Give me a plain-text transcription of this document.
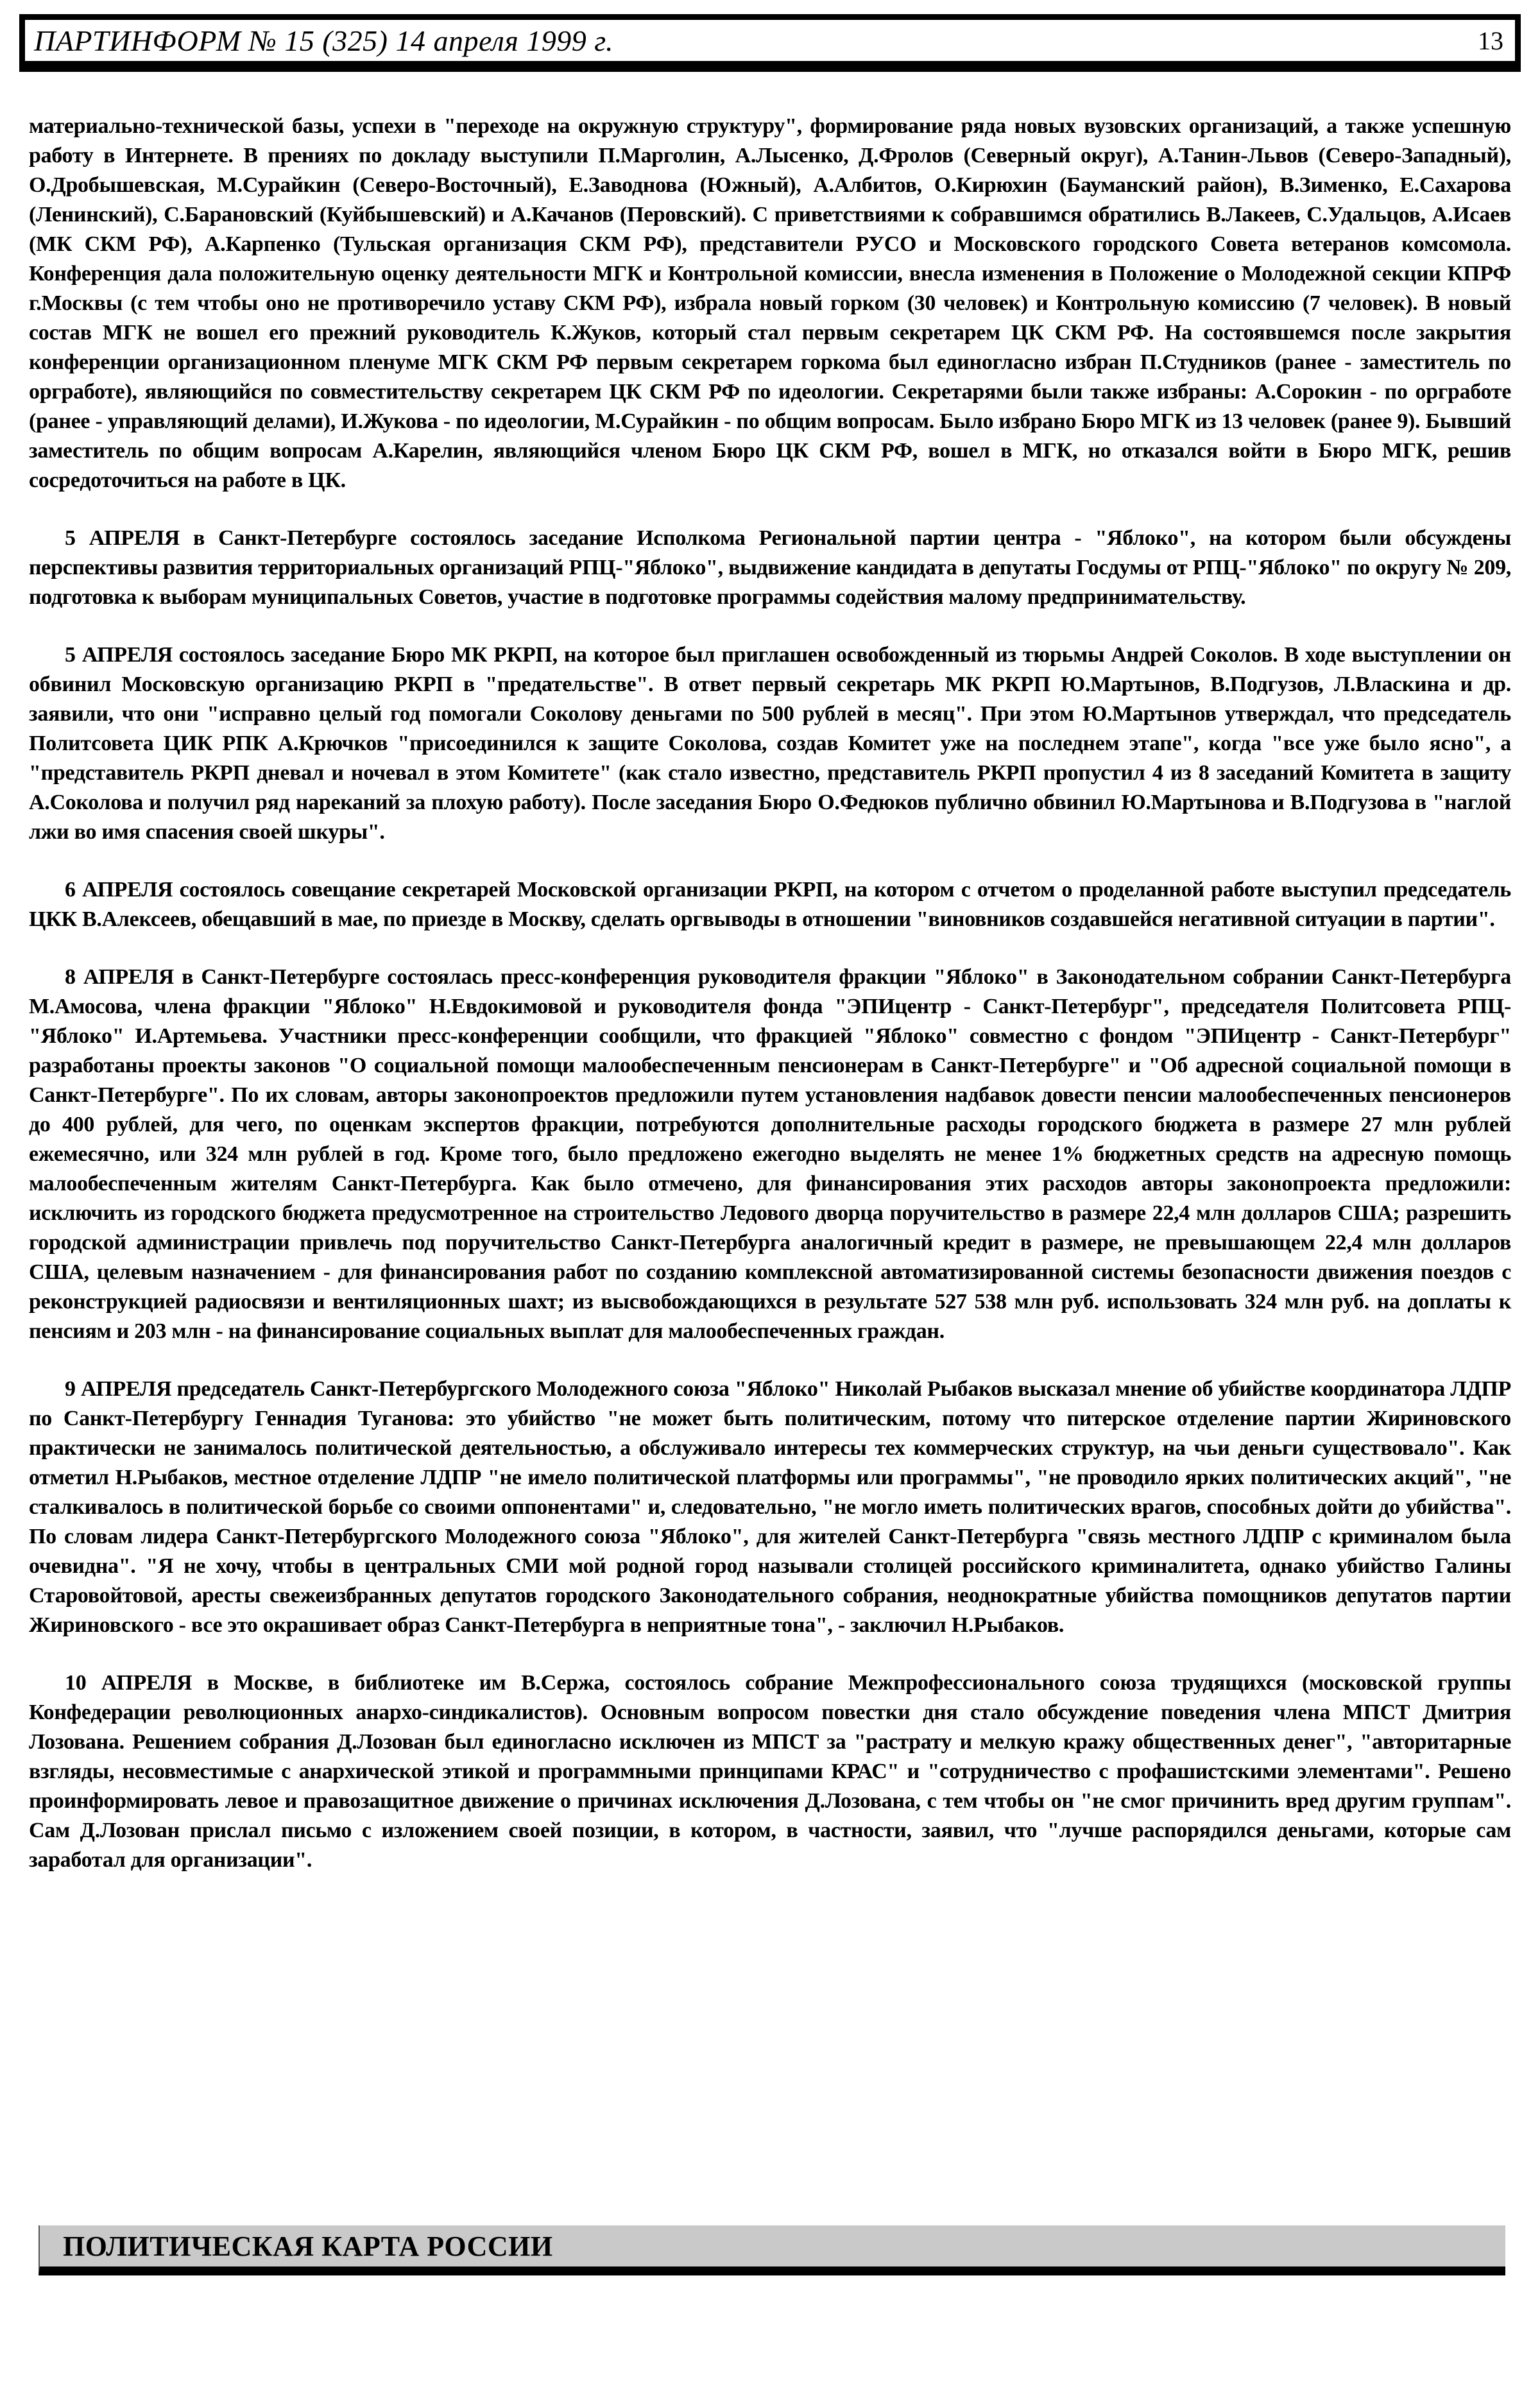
ПАРТИНФОРМ № 15 (325) 14 апреля 1999 г.	13

материально-технической базы, успехи в "переходе на окружную структуру", формирование ряда новых вузовских организаций, а также успешную работу в Интернете. В прениях по докладу выступили П.Марголин, А.Лысенко, Д.Фролов (Северный округ), А.Танин-Львов (Северо-Западный), О.Дробышевская, М.Сурайкин (Северо-Восточный), Е.Заводнова (Южный), А.Албитов, О.Кирюхин (Бауманский район), В.Зименко, Е.Сахарова (Ленинский), С.Барановский (Куйбышевский) и А.Качанов (Перовский). С приветствиями к собравшимся обратились В.Лакеев, С.Удальцов, А.Исаев (МК СКМ РФ), А.Карпенко (Тульская организация СКМ РФ), представители РУСО и Московского городского Совета ветеранов комсомола. Конференция дала положительную оценку деятельности МГК и Контрольной комиссии, внесла изменения в Положение о Молодежной секции КПРФ г.Москвы (с тем чтобы оно не противоречило уставу СКМ РФ), избрала новый горком (30 человек) и Контрольную комиссию (7 человек). В новый состав МГК не вошел его прежний руководитель К.Жуков, который стал первым секретарем ЦК СКМ РФ. На состоявшемся после закрытия конференции организационном пленуме МГК СКМ РФ первым секретарем горкома был единогласно избран П.Студников (ранее - заместитель по оргработе), являющийся по совместительству секретарем ЦК СКМ РФ по идеологии. Секретарями были также избраны: А.Сорокин - по оргработе (ранее - управляющий делами), И.Жукова - по идеологии, М.Сурайкин - по общим вопросам. Было избрано Бюро МГК из 13 человек (ранее 9). Бывший заместитель по общим вопросам А.Карелин, являющийся членом Бюро ЦК СКМ РФ, вошел в МГК, но отказался войти в Бюро МГК, решив сосредоточиться на работе в ЦК.

5 АПРЕЛЯ в Санкт-Петербурге состоялось заседание Исполкома Региональной партии центра - "Яблоко", на котором были обсуждены перспективы развития территориальных организаций РПЦ-"Яблоко", выдвижение кандидата в депутаты Госдумы от РПЦ-"Яблоко" по округу № 209, подготовка к выборам муниципальных Советов, участие в подготовке программы содействия малому предпринимательству.

5 АПРЕЛЯ состоялось заседание Бюро МК РКРП, на которое был приглашен освобожденный из тюрьмы Андрей Соколов. В ходе выступлении он обвинил Московскую организацию РКРП в "предательстве". В ответ первый секретарь МК РКРП Ю.Мартынов, В.Подгузов, Л.Власкина и др. заявили, что они "исправно целый год помогали Соколову деньгами по 500 рублей в месяц". При этом Ю.Мартынов утверждал, что председатель Политсовета ЦИК РПК А.Крючков "присоединился к защите Соколова, создав Комитет уже на последнем этапе", когда "все уже было ясно", а "представитель РКРП дневал и ночевал в этом Комитете" (как стало известно, представитель РКРП пропустил 4 из 8 заседаний Комитета в защиту А.Соколова и получил ряд нареканий за плохую работу). После заседания Бюро О.Федюков публично обвинил Ю.Мартынова и В.Подгузова в "наглой лжи во имя спасения своей шкуры".

6 АПРЕЛЯ состоялось совещание секретарей Московской организации РКРП, на котором с отчетом о проделанной работе выступил председатель ЦКК В.Алексеев, обещавший в мае, по приезде в Москву, сделать оргвыводы в отношении "виновников создавшейся негативной ситуации в партии".

8 АПРЕЛЯ в Санкт-Петербурге состоялась пресс-конференция руководителя фракции "Яблоко" в Законодательном собрании Санкт-Петербурга М.Амосова, члена фракции "Яблоко" Н.Евдокимовой и руководителя фонда "ЭПИцентр - Санкт-Петербург", председателя Политсовета РПЦ-"Яблоко" И.Артемьева. Участники пресс-конференции сообщили, что фракцией "Яблоко" совместно с фондом "ЭПИцентр - Санкт-Петербург" разработаны проекты законов "О социальной помощи малообеспеченным пенсионерам в Санкт-Петербурге" и "Об адресной социальной помощи в Санкт-Петербурге". По их словам, авторы законопроектов предложили путем установления надбавок довести пенсии малообеспеченных пенсионеров до 400 рублей, для чего, по оценкам экспертов фракции, потребуются дополнительные расходы городского бюджета в размере 27 млн рублей ежемесячно, или 324 млн рублей в год. Кроме того, было предложено ежегодно выделять не менее 1% бюджетных средств на адресную помощь малообеспеченным жителям Санкт-Петербурга. Как было отмечено, для финансирования этих расходов авторы законопроекта предложили: исключить из городского бюджета предусмотренное на строительство Ледового дворца поручительство в размере 22,4 млн долларов США; разрешить городской администрации привлечь под поручительство Санкт-Петербурга аналогичный кредит в размере, не превышающем 22,4 млн долларов США, целевым назначением - для финансирования работ по созданию комплексной автоматизированной системы безопасности движения поездов с реконструкцией радиосвязи и вентиляционных шахт; из высвобождающихся в результате 527 538 млн руб. использовать 324 млн руб. на доплаты к пенсиям и 203 млн - на финансирование социальных выплат для малообеспеченных граждан.

9 АПРЕЛЯ председатель Санкт-Петербургского Молодежного союза "Яблоко" Николай Рыбаков высказал мнение об убийстве координатора ЛДПР по Санкт-Петербургу Геннадия Туганова: это убийство "не может быть политическим, потому что питерское отделение партии Жириновского практически не занималось политической деятельностью, а обслуживало интересы тех коммерческих структур, на чьи деньги существовало". Как отметил Н.Рыбаков, местное отделение ЛДПР "не имело политической платформы или программы", "не проводило ярких политических акций", "не сталкивалось в политической борьбе со своими оппонентами" и, следовательно, "не могло иметь политических врагов, способных дойти до убийства". По словам лидера Санкт-Петербургского Молодежного союза "Яблоко", для жителей Санкт-Петербурга "связь местного ЛДПР с криминалом была очевидна". "Я не хочу, чтобы в центральных СМИ мой родной город называли столицей российского криминалитета, однако убийство Галины Старовойтовой, аресты свежеизбранных депутатов городского Законодательного собрания, неоднократные убийства помощников депутатов партии Жириновского - все это окрашивает образ Санкт-Петербурга в неприятные тона", - заключил Н.Рыбаков.

10 АПРЕЛЯ в Москве, в библиотеке им В.Сержа, состоялось собрание Межпрофессионального союза трудящихся (московской группы Конфедерации революционных анархо-синдикалистов). Основным вопросом повестки дня стало обсуждение поведения члена МПСТ Дмитрия Лозована. Решением собрания Д.Лозован был единогласно исключен из МПСТ за "растрату и мелкую кражу общественных денег", "авторитарные взгляды, несовместимые с анархической этикой и программными принципами КРАС" и "сотрудничество с профашистскими элементами". Решено проинформировать левое и правозащитное движение о причинах исключения Д.Лозована, с тем чтобы он "не смог причинить вред другим группам". Сам Д.Лозован прислал письмо с изложением своей позиции, в котором, в частности, заявил, что "лучше распорядился деньгами, которые сам заработал для организации".

ПОЛИТИЧЕСКАЯ КАРТА РОССИИ
